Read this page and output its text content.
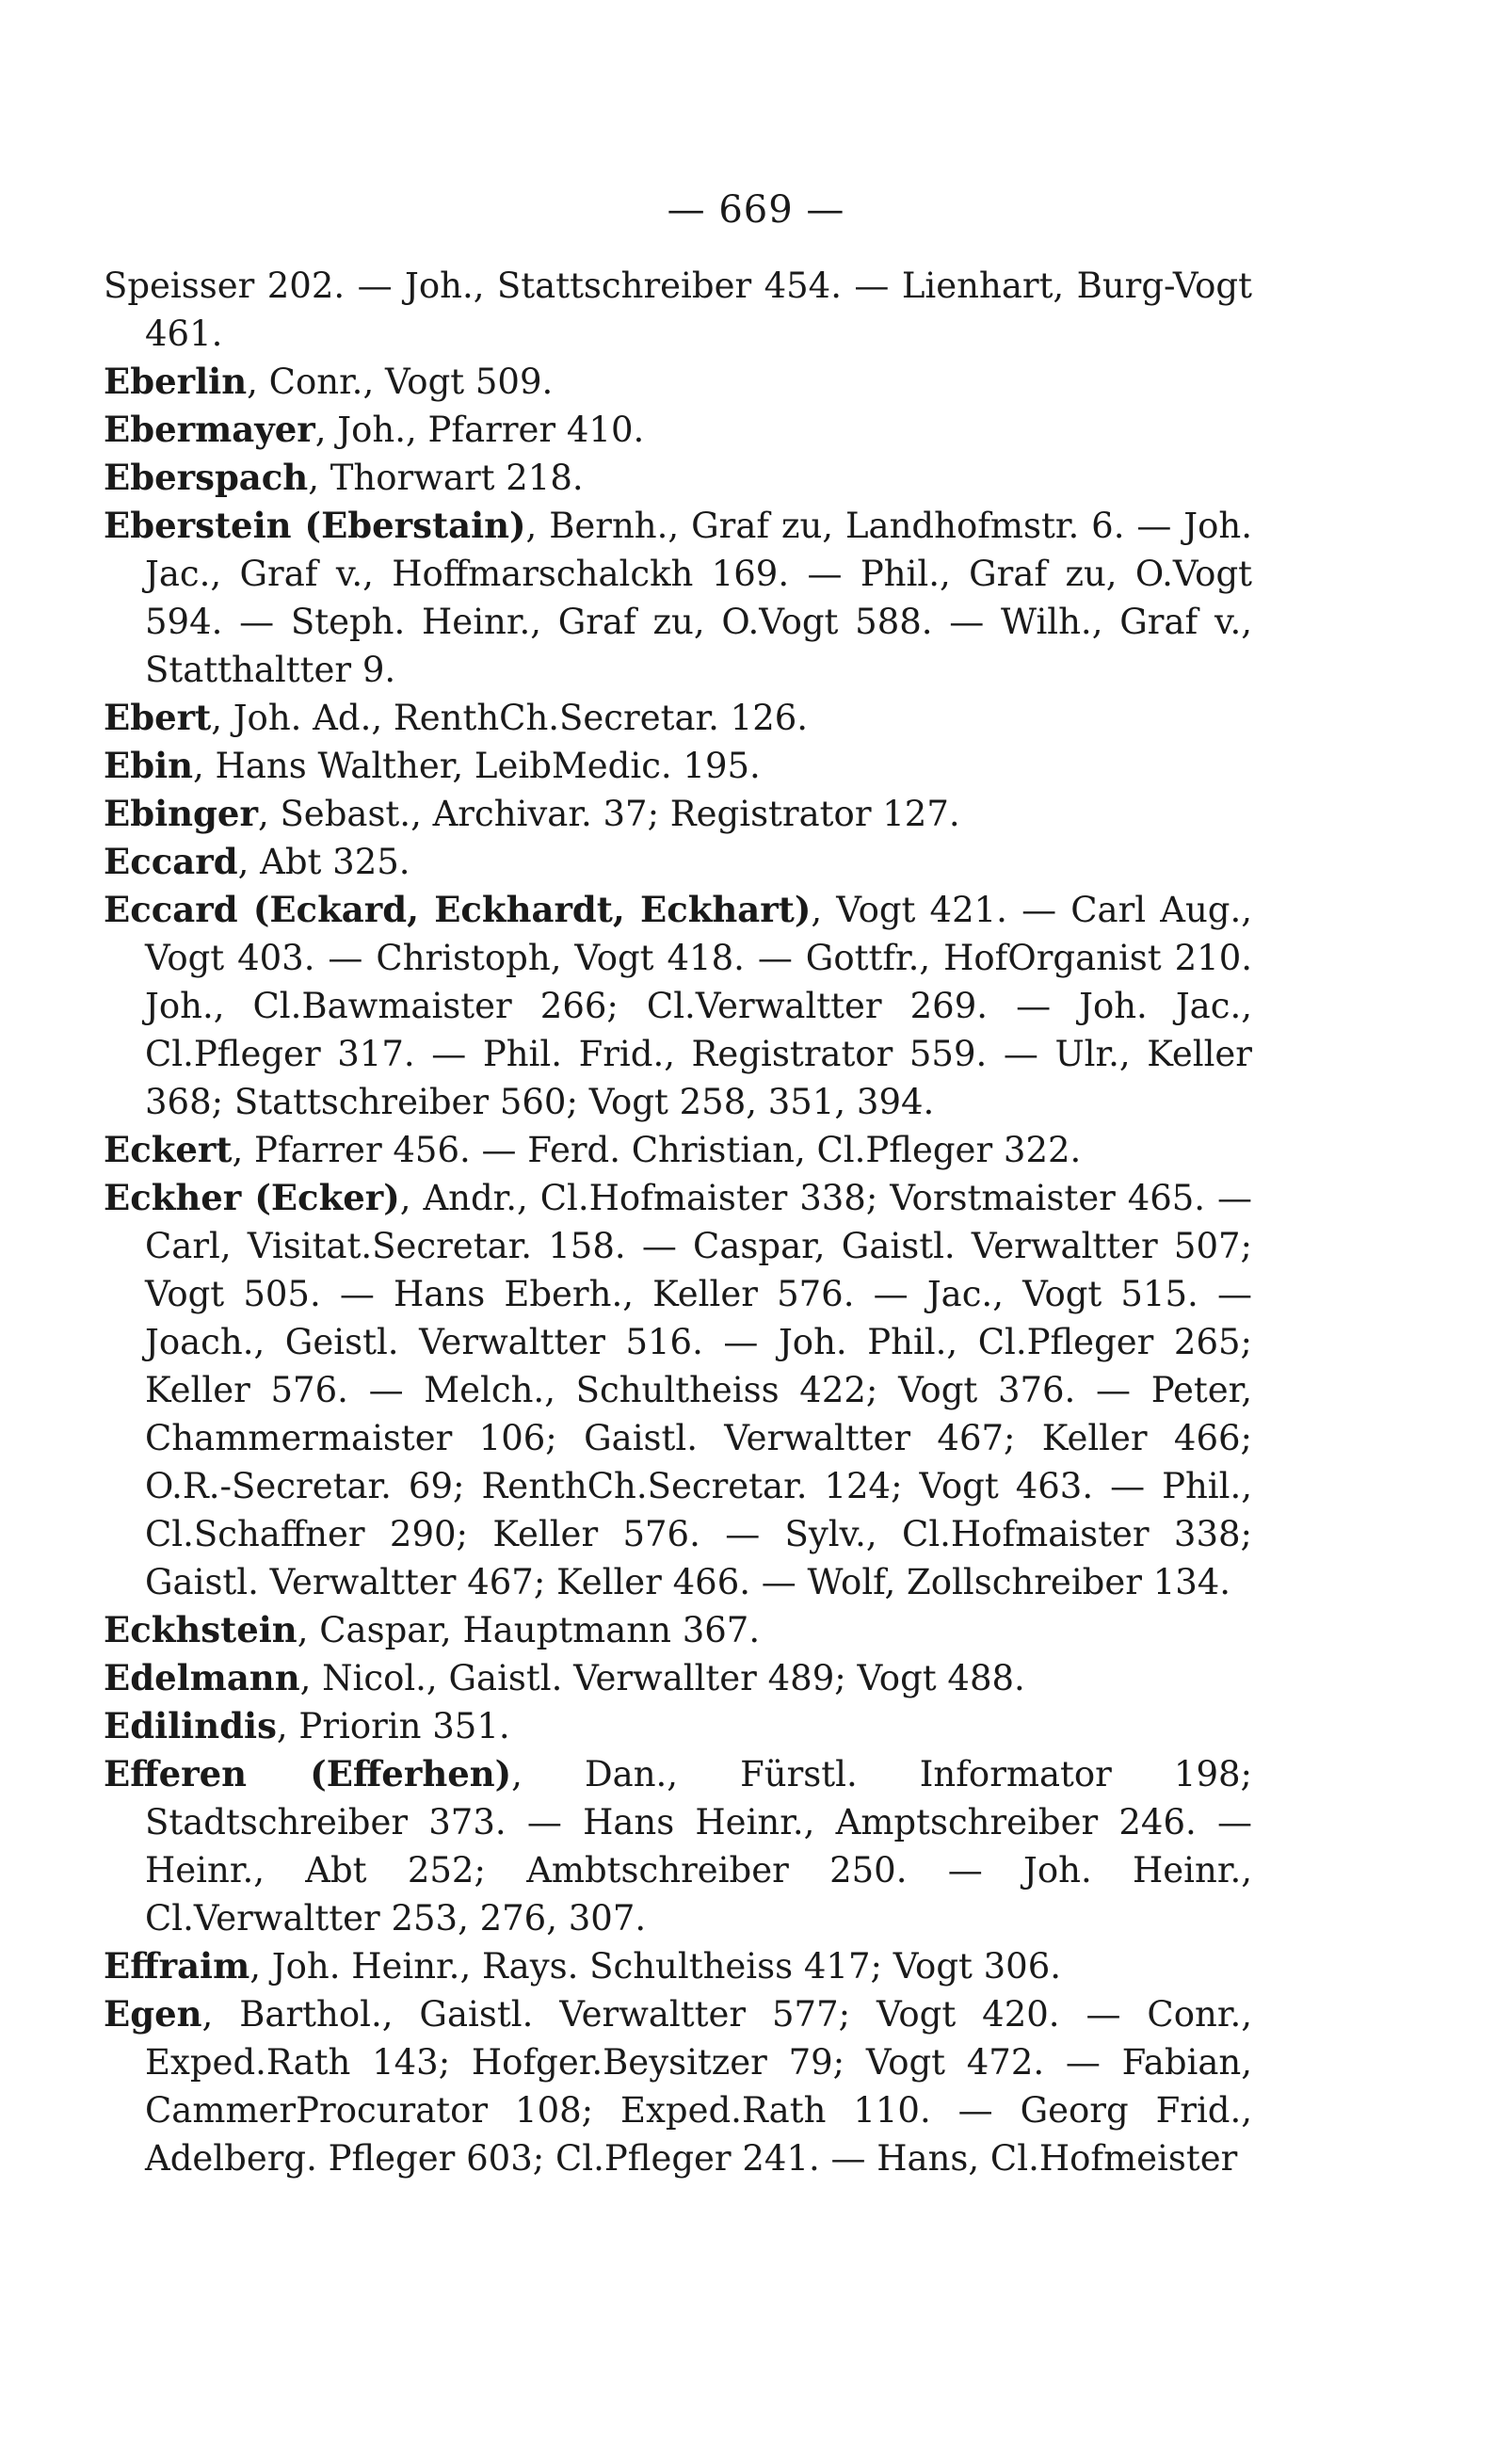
— 669 —

Speisser 202. — Joh., Stattschreiber 454. — Lienhart, Burg-Vogt 461.

Eberlin, Conr., Vogt 509.

Ebermayer, Joh., Pfarrer 410.

Eberspach, Thorwart 218.

Eberstein (Eberstain), Bernh., Graf zu, Landhofmstr. 6. — Joh. Jac., Graf v., Hoffmarschalckh 169. — Phil., Graf zu, O.Vogt 594. — Steph. Heinr., Graf zu, O.Vogt 588. — Wilh., Graf v., Statthaltter 9.

Ebert, Joh. Ad., RenthCh.Secretar. 126.

Ebin, Hans Walther, LeibMedic. 195.

Ebinger, Sebast., Archivar. 37; Registrator 127.

Eccard, Abt 325.

Eccard (Eckard, Eckhardt, Eckhart), Vogt 421. — Carl Aug., Vogt 403. — Christoph, Vogt 418. — Gottfr., HofOrganist 210. Joh., Cl.Bawmaister 266; Cl.Verwaltter 269. — Joh. Jac., Cl.Pfleger 317. — Phil. Frid., Registrator 559. — Ulr., Keller 368; Stattschreiber 560; Vogt 258, 351, 394.

Eckert, Pfarrer 456. — Ferd. Christian, Cl.Pfleger 322.

Eckher (Ecker), Andr., Cl.Hofmaister 338; Vorstmaister 465. — Carl, Visitat.Secretar. 158. — Caspar, Gaistl. Verwaltter 507; Vogt 505. — Hans Eberh., Keller 576. — Jac., Vogt 515. — Joach., Geistl. Verwaltter 516. — Joh. Phil., Cl.Pfleger 265; Keller 576. — Melch., Schultheiss 422; Vogt 376. — Peter, Chammermaister 106; Gaistl. Verwaltter 467; Keller 466; O.R.-Secretar. 69; RenthCh.Secretar. 124; Vogt 463. — Phil., Cl.Schaffner 290; Keller 576. — Sylv., Cl.Hofmaister 338; Gaistl. Verwaltter 467; Keller 466. — Wolf, Zollschreiber 134.

Eckhstein, Caspar, Hauptmann 367.

Edelmann, Nicol., Gaistl. Verwallter 489; Vogt 488.

Edilindis, Priorin 351.

Efferen (Efferhen), Dan., Fürstl. Informator 198; Stadtschreiber 373. — Hans Heinr., Amptschreiber 246. — Heinr., Abt 252; Ambtschreiber 250. — Joh. Heinr., Cl.Verwaltter 253, 276, 307.

Effraim, Joh. Heinr., Rays. Schultheiss 417; Vogt 306.

Egen, Barthol., Gaistl. Verwaltter 577; Vogt 420. — Conr., Exped.Rath 143; Hofger.Beysitzer 79; Vogt 472. — Fabian, CammerProcurator 108; Exped.Rath 110. — Georg Frid., Adelberg. Pfleger 603; Cl.Pfleger 241. — Hans, Cl.Hofmeister
